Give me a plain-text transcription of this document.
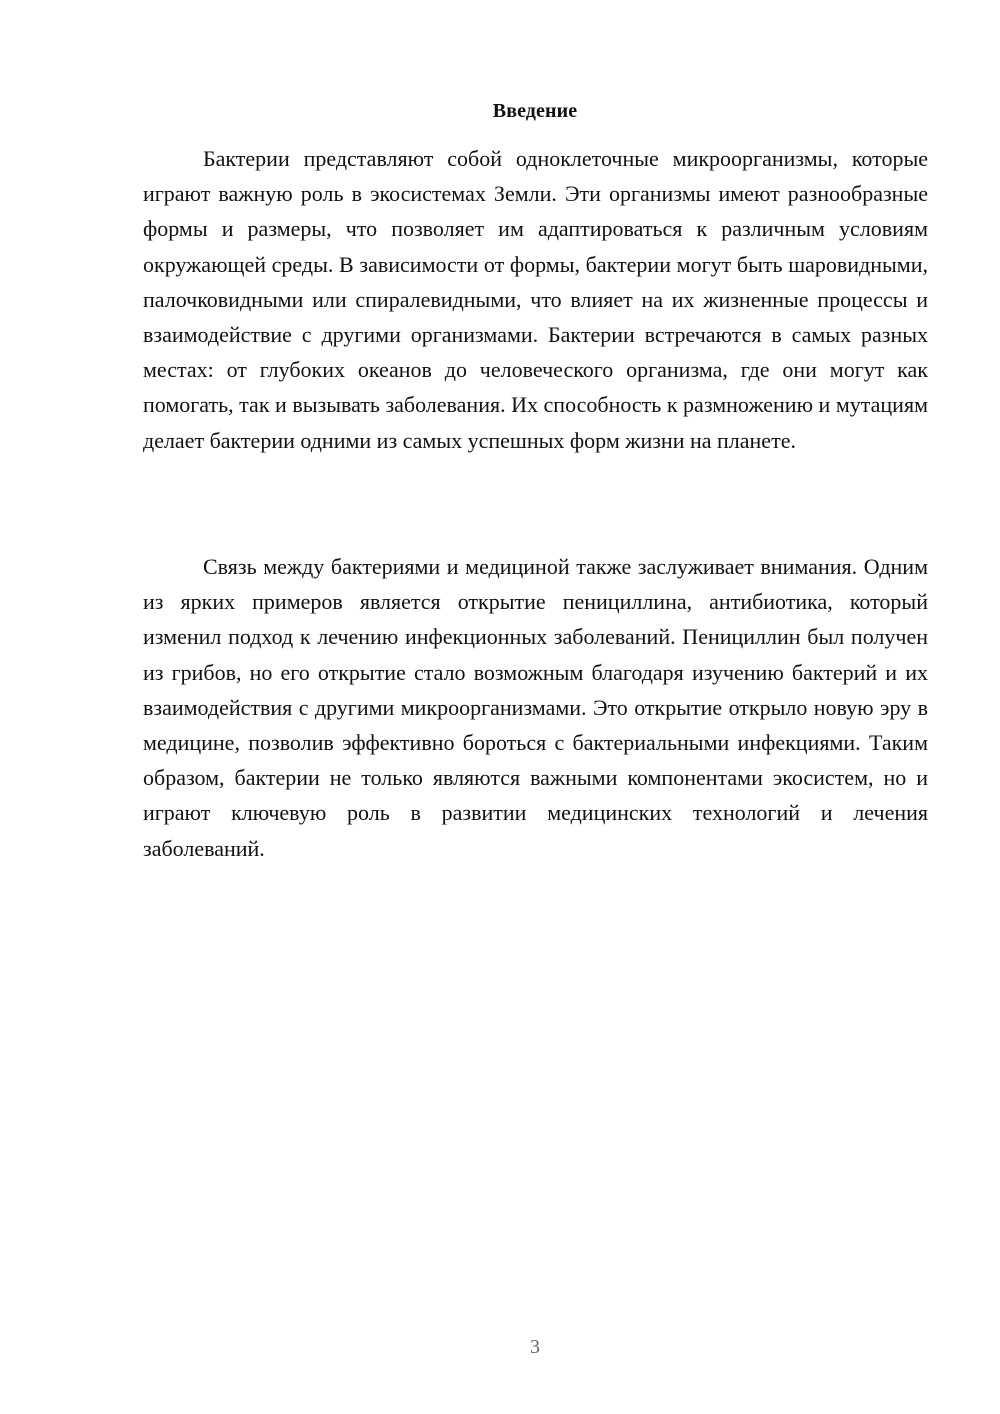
Введение

Бактерии представляют собой одноклеточные микроорганизмы, которые играют важную роль в экосистемах Земли. Эти организмы имеют разнообразные формы и размеры, что позволяет им адаптироваться к различным условиям окружающей среды. В зависимости от формы, бактерии могут быть шаровидными, палочковидными или спиралевидными, что влияет на их жизненные процессы и взаимодействие с другими организмами. Бактерии встречаются в самых разных местах: от глубоких океанов до человеческого организма, где они могут как помогать, так и вызывать заболевания. Их способность к размножению и мутациям делает бактерии одними из самых успешных форм жизни на планете.

Связь между бактериями и медициной также заслуживает внимания. Одним из ярких примеров является открытие пенициллина, антибиотика, который изменил подход к лечению инфекционных заболеваний. Пенициллин был получен из грибов, но его открытие стало возможным благодаря изучению бактерий и их взаимодействия с другими микроорганизмами. Это открытие открыло новую эру в медицине, позволив эффективно бороться с бактериальными инфекциями. Таким образом, бактерии не только являются важными компонентами экосистем, но и играют ключевую роль в развитии медицинских технологий и лечения заболеваний.

3
